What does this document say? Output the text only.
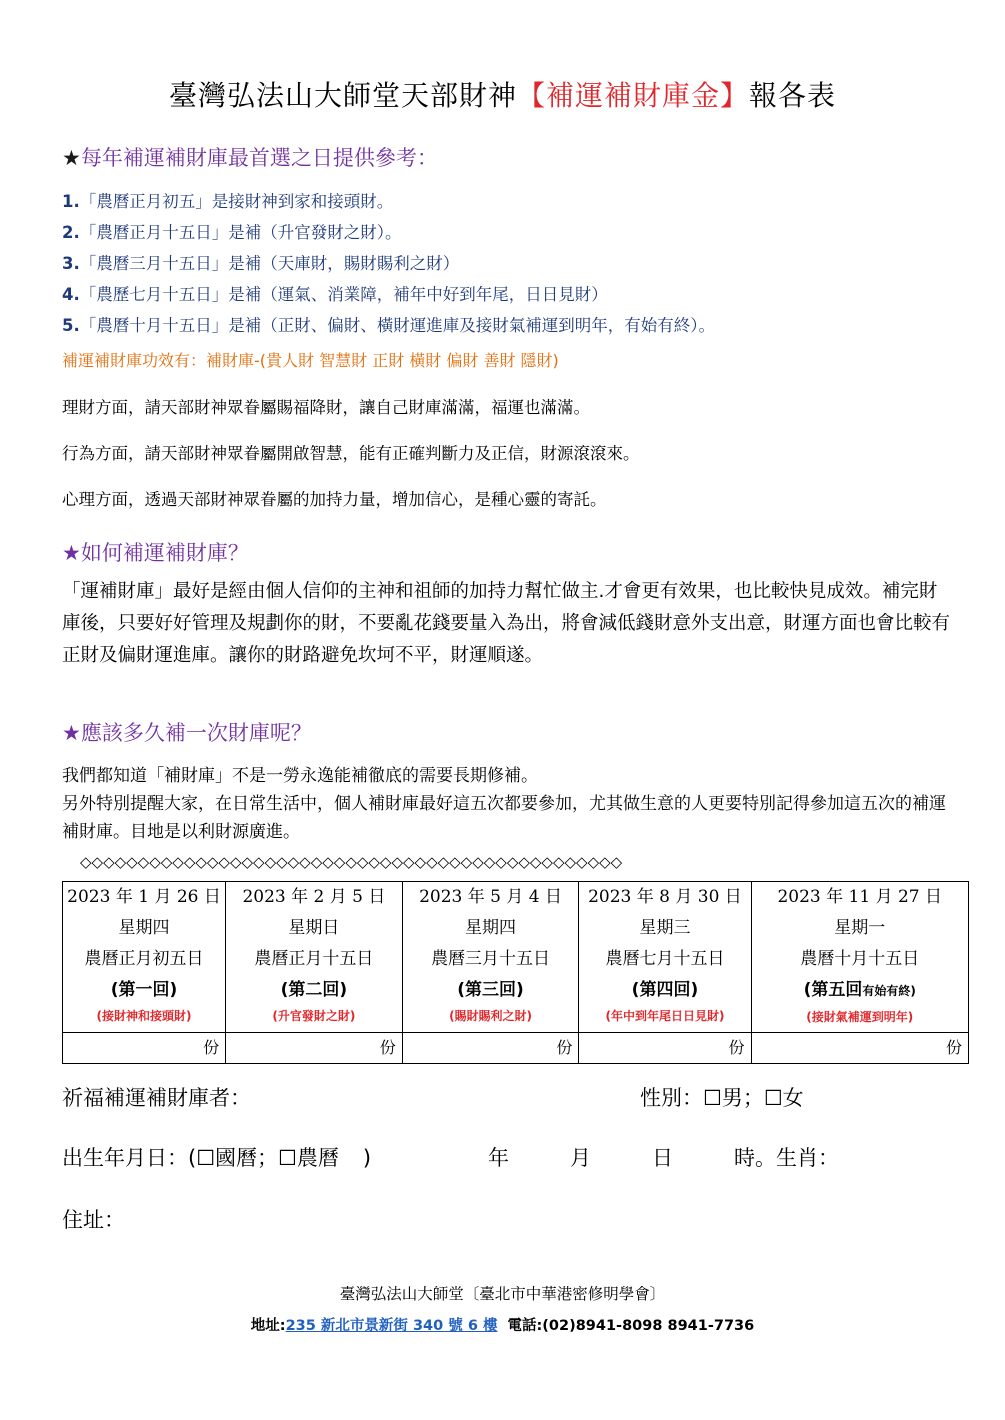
臺灣弘法山大師堂天部財神【補運補財庫金】報各表
★每年補運補財庫最首選之日提供參考：
1.「農曆正月初五」是接財神到家和接頭財。
2.「農曆正月十五日」是補（升官發財之財）。
3.「農曆三月十五日」是補（天庫財，賜財賜利之財）
4.「農歷七月十五日」是補（運氣、消業障，補年中好到年尾，日日見財）
5.「農曆十月十五日」是補（正財、偏財、橫財運進庫及接財氣補運到明年，有始有終）。
補運補財庫功效有：補財庫-(貴人財 智慧財 正財 橫財 偏財 善財 隱財)
理財方面，請天部財神眾眷屬賜福降財，讓自己財庫滿滿，福運也滿滿。
行為方面，請天部財神眾眷屬開啟智慧，能有正確判斷力及正信，財源滾滾來。
心理方面，透過天部財神眾眷屬的加持力量，增加信心，是種心靈的寄託。
★如何補運補財庫？
「運補財庫」最好是經由個人信仰的主神和祖師的加持力幫忙做主.才會更有效果，也比較快見成效。補完財庫後，只要好好管理及規劃你的財，不要亂花錢要量入為出，將會減低錢財意外支出意，財運方面也會比較有正財及偏財運進庫。讓你的財路避免坎坷不平，財運順遂。
★應該多久補一次財庫呢？
我們都知道「補財庫」不是一勞永逸能補徹底的需要長期修補。
另外特別提醒大家，在日常生活中，個人補財庫最好這五次都要參加，尤其做生意的人更要特別記得參加這五次的補運補財庫。目地是以利財源廣進。
◇◇◇◇◇◇◇◇◇◇◇◇◇◇◇◇◇◇◇◇◇◇◇◇◇◇◇◇◇◇◇◇◇◇◇◇◇◇◇◇◇◇◇◇◇◇◇
2023 年 1 月 26 日
星期四
農曆正月初五日
(第一回)
(接財神和接頭財)	2023 年 2 月 5 日
星期日
農曆正月十五日
(第二回)
(升官發財之財)	2023 年 5 月 4 日
星期四
農曆三月十五日
(第三回)
(賜財賜利之財)	2023 年 8 月 30 日
星期三
農曆七月十五日
(第四回)
(年中到年尾日日見財)	2023 年 11 月 27 日
星期一
農曆十月十五日
(第五回有始有終)
(接財氣補運到明年)

份	份	份	份	份
祈福補運補財庫者：	性別：☐男；☐女
出生年月日：(☐國曆；☐農曆 )	年	月	日	時。生肖：
住址：
臺灣弘法山大師堂〔臺北市中華港密修明學會〕
地址:235 新北市景新街 340 號 6 樓 電話:(02)8941-8098 8941-7736
